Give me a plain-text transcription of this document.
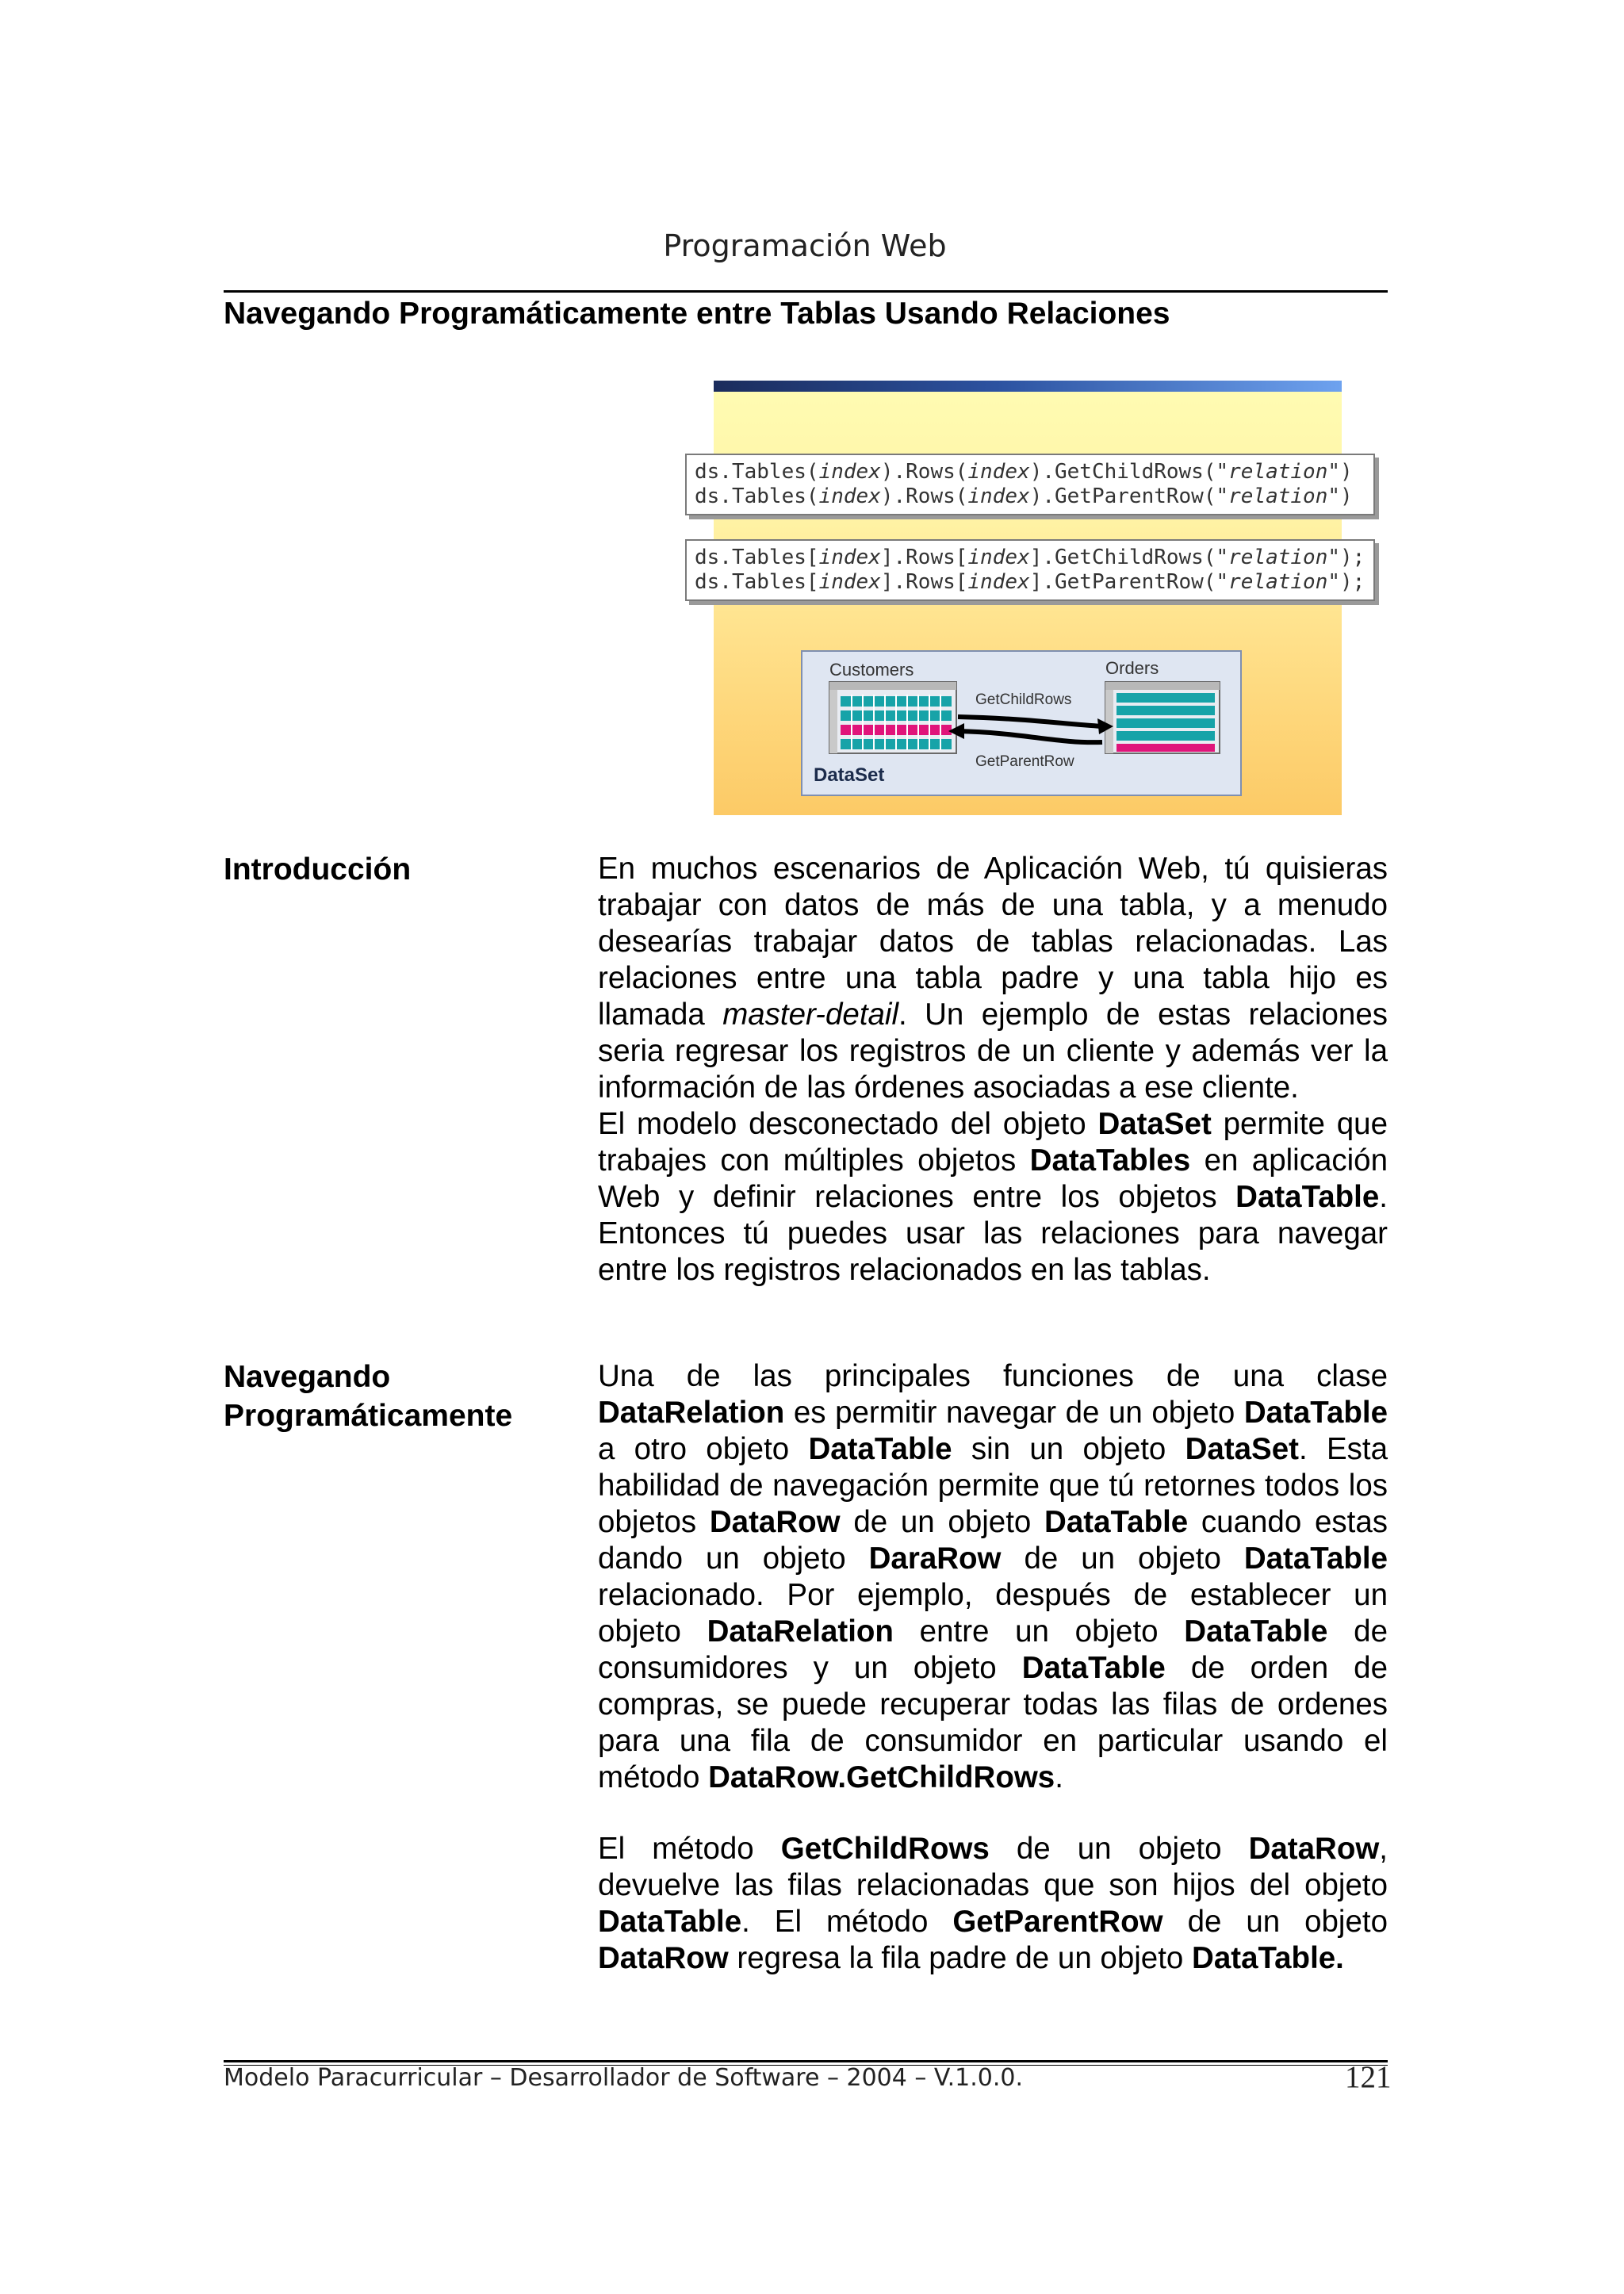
Programación Web
Navegando Programáticamente entre Tablas Usando Relaciones
ds.Tables(index).Rows(index).GetChildRows("relation")
ds.Tables(index).Rows(index).GetParentRow("relation")
ds.Tables[index].Rows[index].GetChildRows("relation");
ds.Tables[index].Rows[index].GetParentRow("relation");
Customers	Orders
GetChildRows
GetParentRow
DataSet
Introducción	En muchos escenarios de Aplicación Web, tú quisieras trabajar con datos de más de una tabla, y a menudo desearías trabajar datos de tablas relacionadas. Las relaciones entre una tabla padre y una tabla hijo es llamada master-detail. Un ejemplo de estas relaciones seria regresar los registros de un cliente y además ver la información de las órdenes asociadas a ese cliente.

El modelo desconectado del objeto DataSet permite que trabajes con múltiples objetos DataTables en aplicación Web y definir relaciones entre los objetos DataTable. Entonces tú puedes usar las relaciones para navegar entre los registros relacionados en las tablas.

Navegando
Programáticamente

Una de las principales funciones de una clase DataRelation es permitir navegar de un objeto DataTable a otro objeto DataTable sin un objeto DataSet. Esta habilidad de navegación permite que tú retornes todos los objetos DataRow de un objeto DataTable cuando estas dando un objeto DaraRow de un objeto DataTable relacionado. Por ejemplo, después de establecer un objeto DataRelation entre un objeto DataTable de consumidores y un objeto DataTable de orden de compras, se puede recuperar todas las filas de ordenes para una fila de consumidor en particular usando el método DataRow.GetChildRows.

El método GetChildRows de un objeto DataRow, devuelve las filas relacionadas que son hijos del objeto DataTable. El método GetParentRow de un objeto DataRow regresa la fila padre de un objeto DataTable.

Modelo Paracurricular – Desarrollador de Software – 2004 – V.1.0.0.	121
